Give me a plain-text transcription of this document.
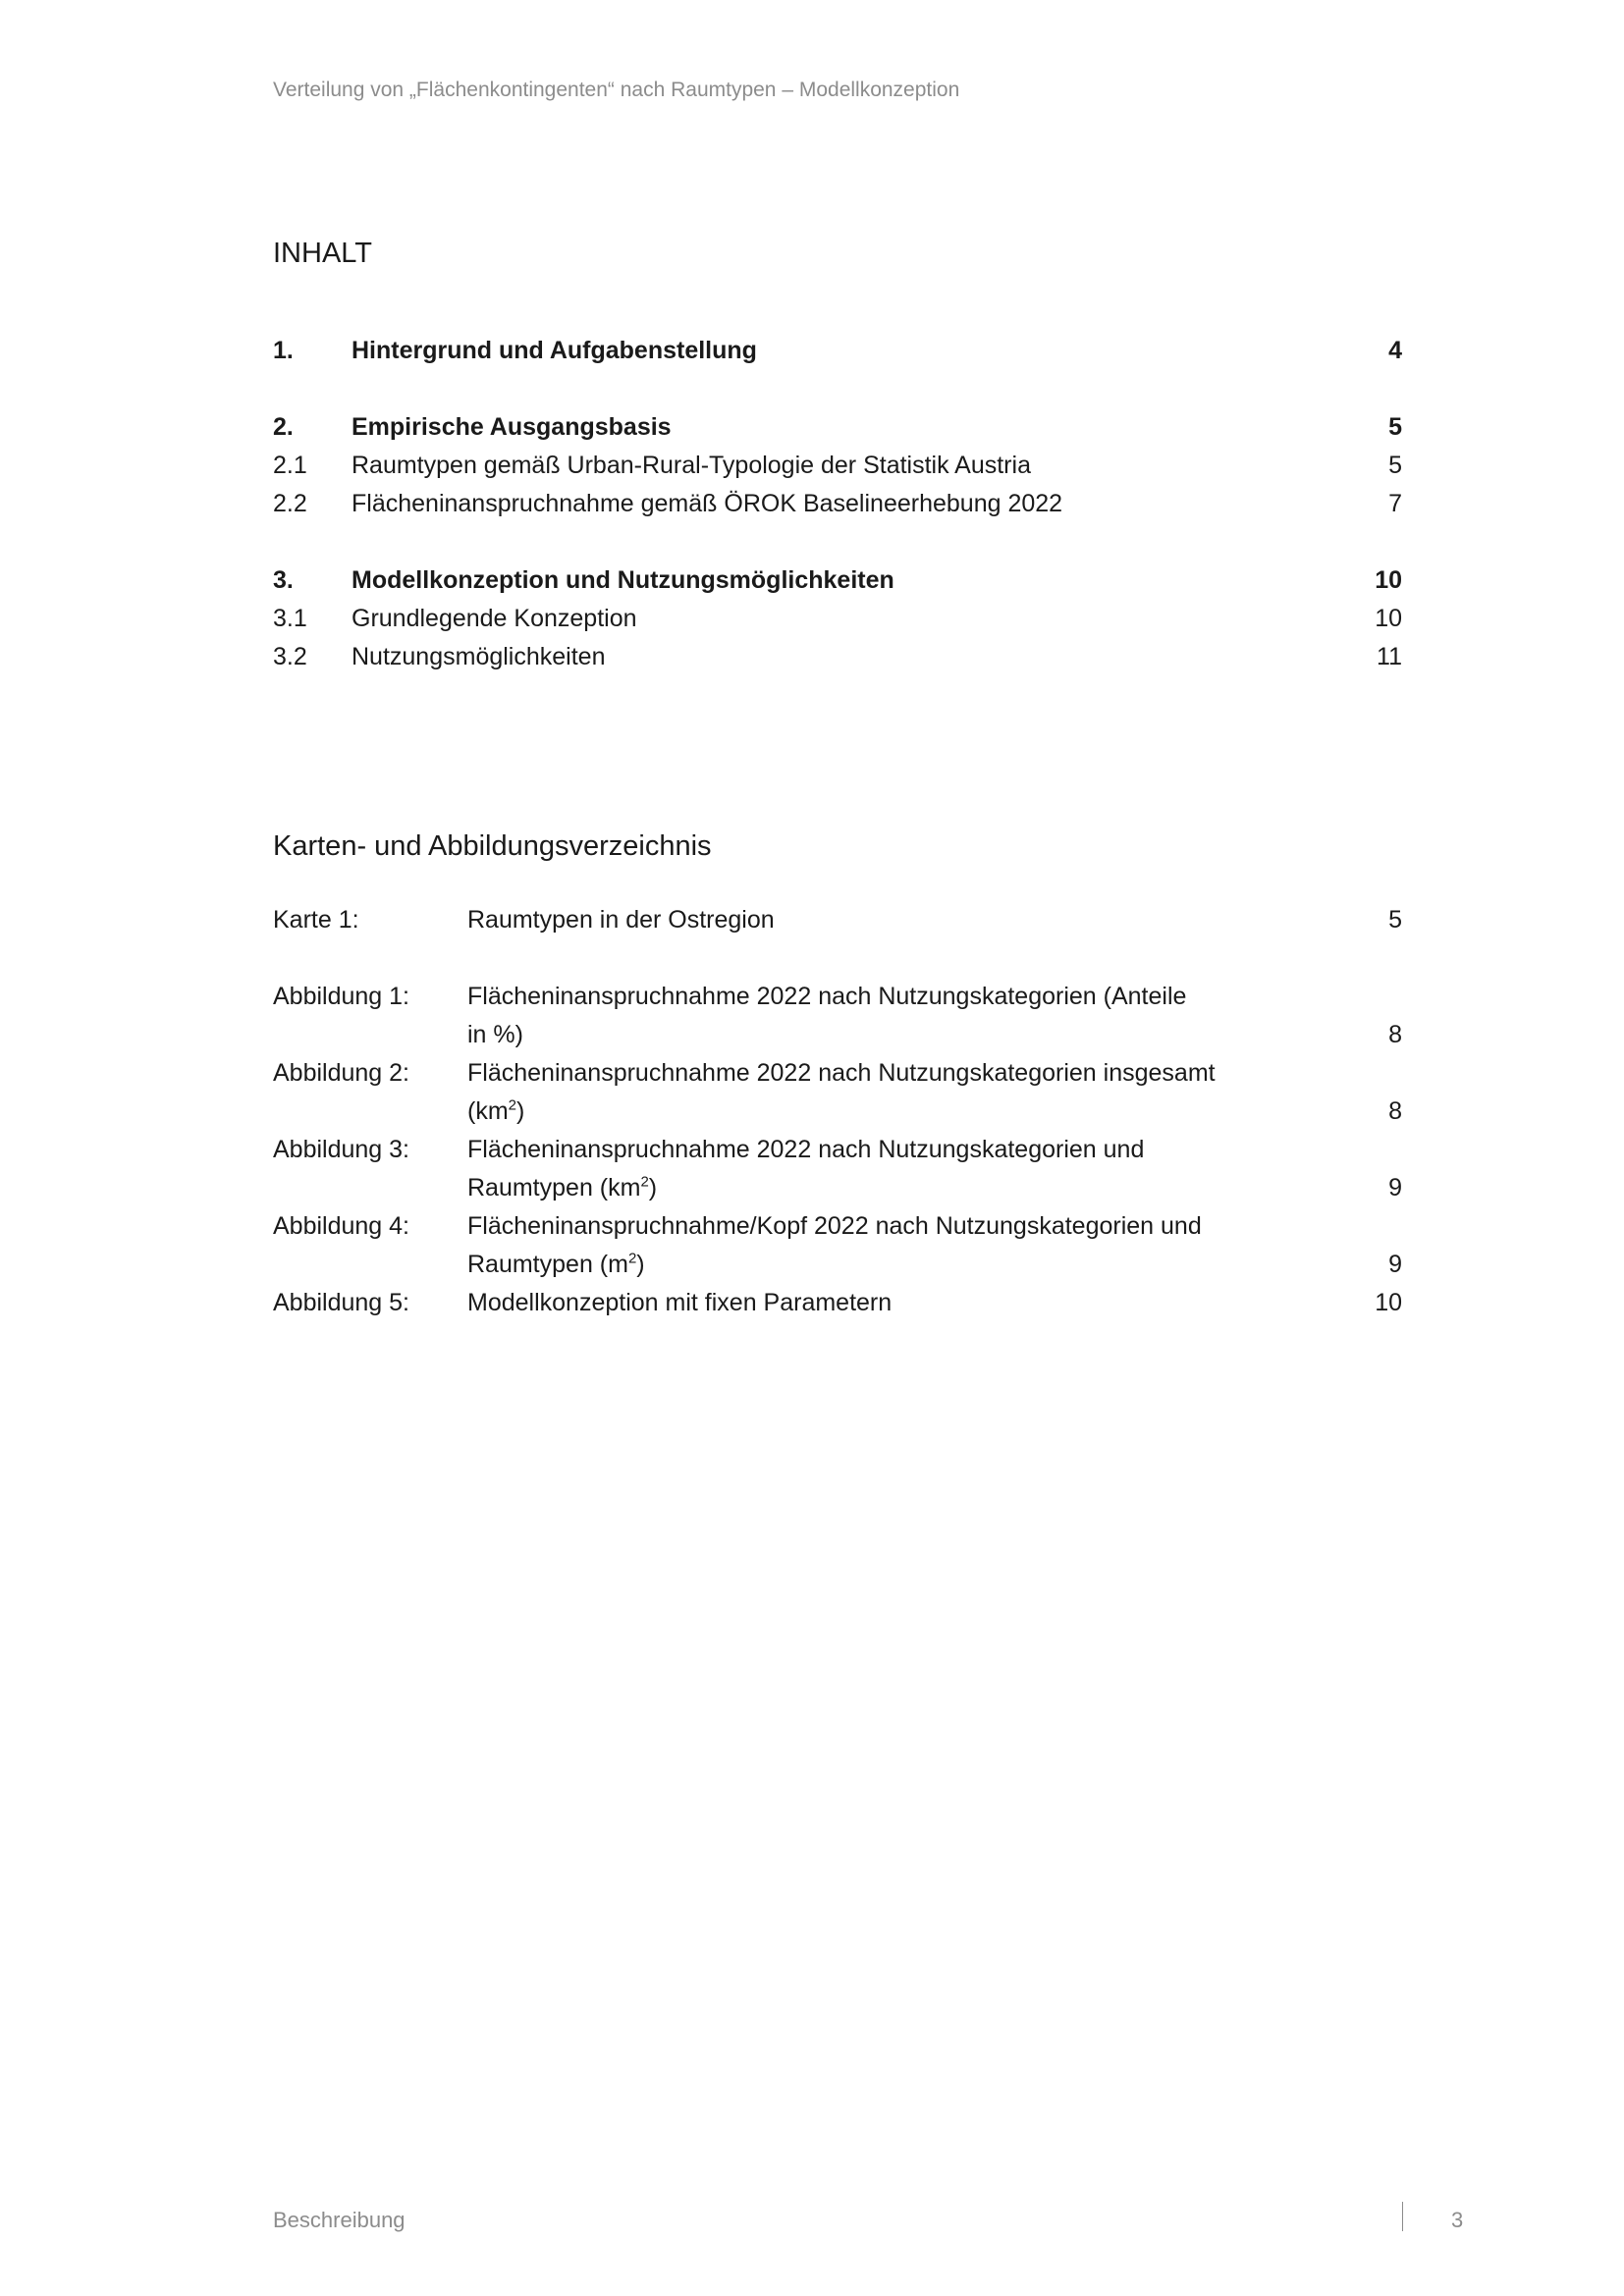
Verteilung von „Flächenkontingenten“ nach Raumtypen – Modellkonzeption
INHALT
1. Hintergrund und Aufgabenstellung	4
2. Empirische Ausgangsbasis	5
2.1 Raumtypen gemäß Urban-Rural-Typologie der Statistik Austria	5
2.2 Flächeninanspruchnahme gemäß ÖROK Baselineerhebung 2022	7
3. Modellkonzeption und Nutzungsmöglichkeiten	10
3.1 Grundlegende Konzeption	10
3.2 Nutzungsmöglichkeiten	11
Karten- und Abbildungsverzeichnis
Karte 1:	Raumtypen in der Ostregion	5
Abbildung 1: Flächeninanspruchnahme 2022 nach Nutzungskategorien (Anteile
in %)	8
Abbildung 2: Flächeninanspruchnahme 2022 nach Nutzungskategorien insgesamt
$(km^2)$	8
Abbildung 3: Flächeninanspruchnahme 2022 nach Nutzungskategorien und
Raumtypen $(km^2)$	9
Abbildung 4: Flächeninanspruchnahme/Kopf 2022 nach Nutzungskategorien und
Raumtypen $(m^2)$	9
Abbildung 5: Modellkonzeption mit fixen Parametern	10
Beschreibung	3
